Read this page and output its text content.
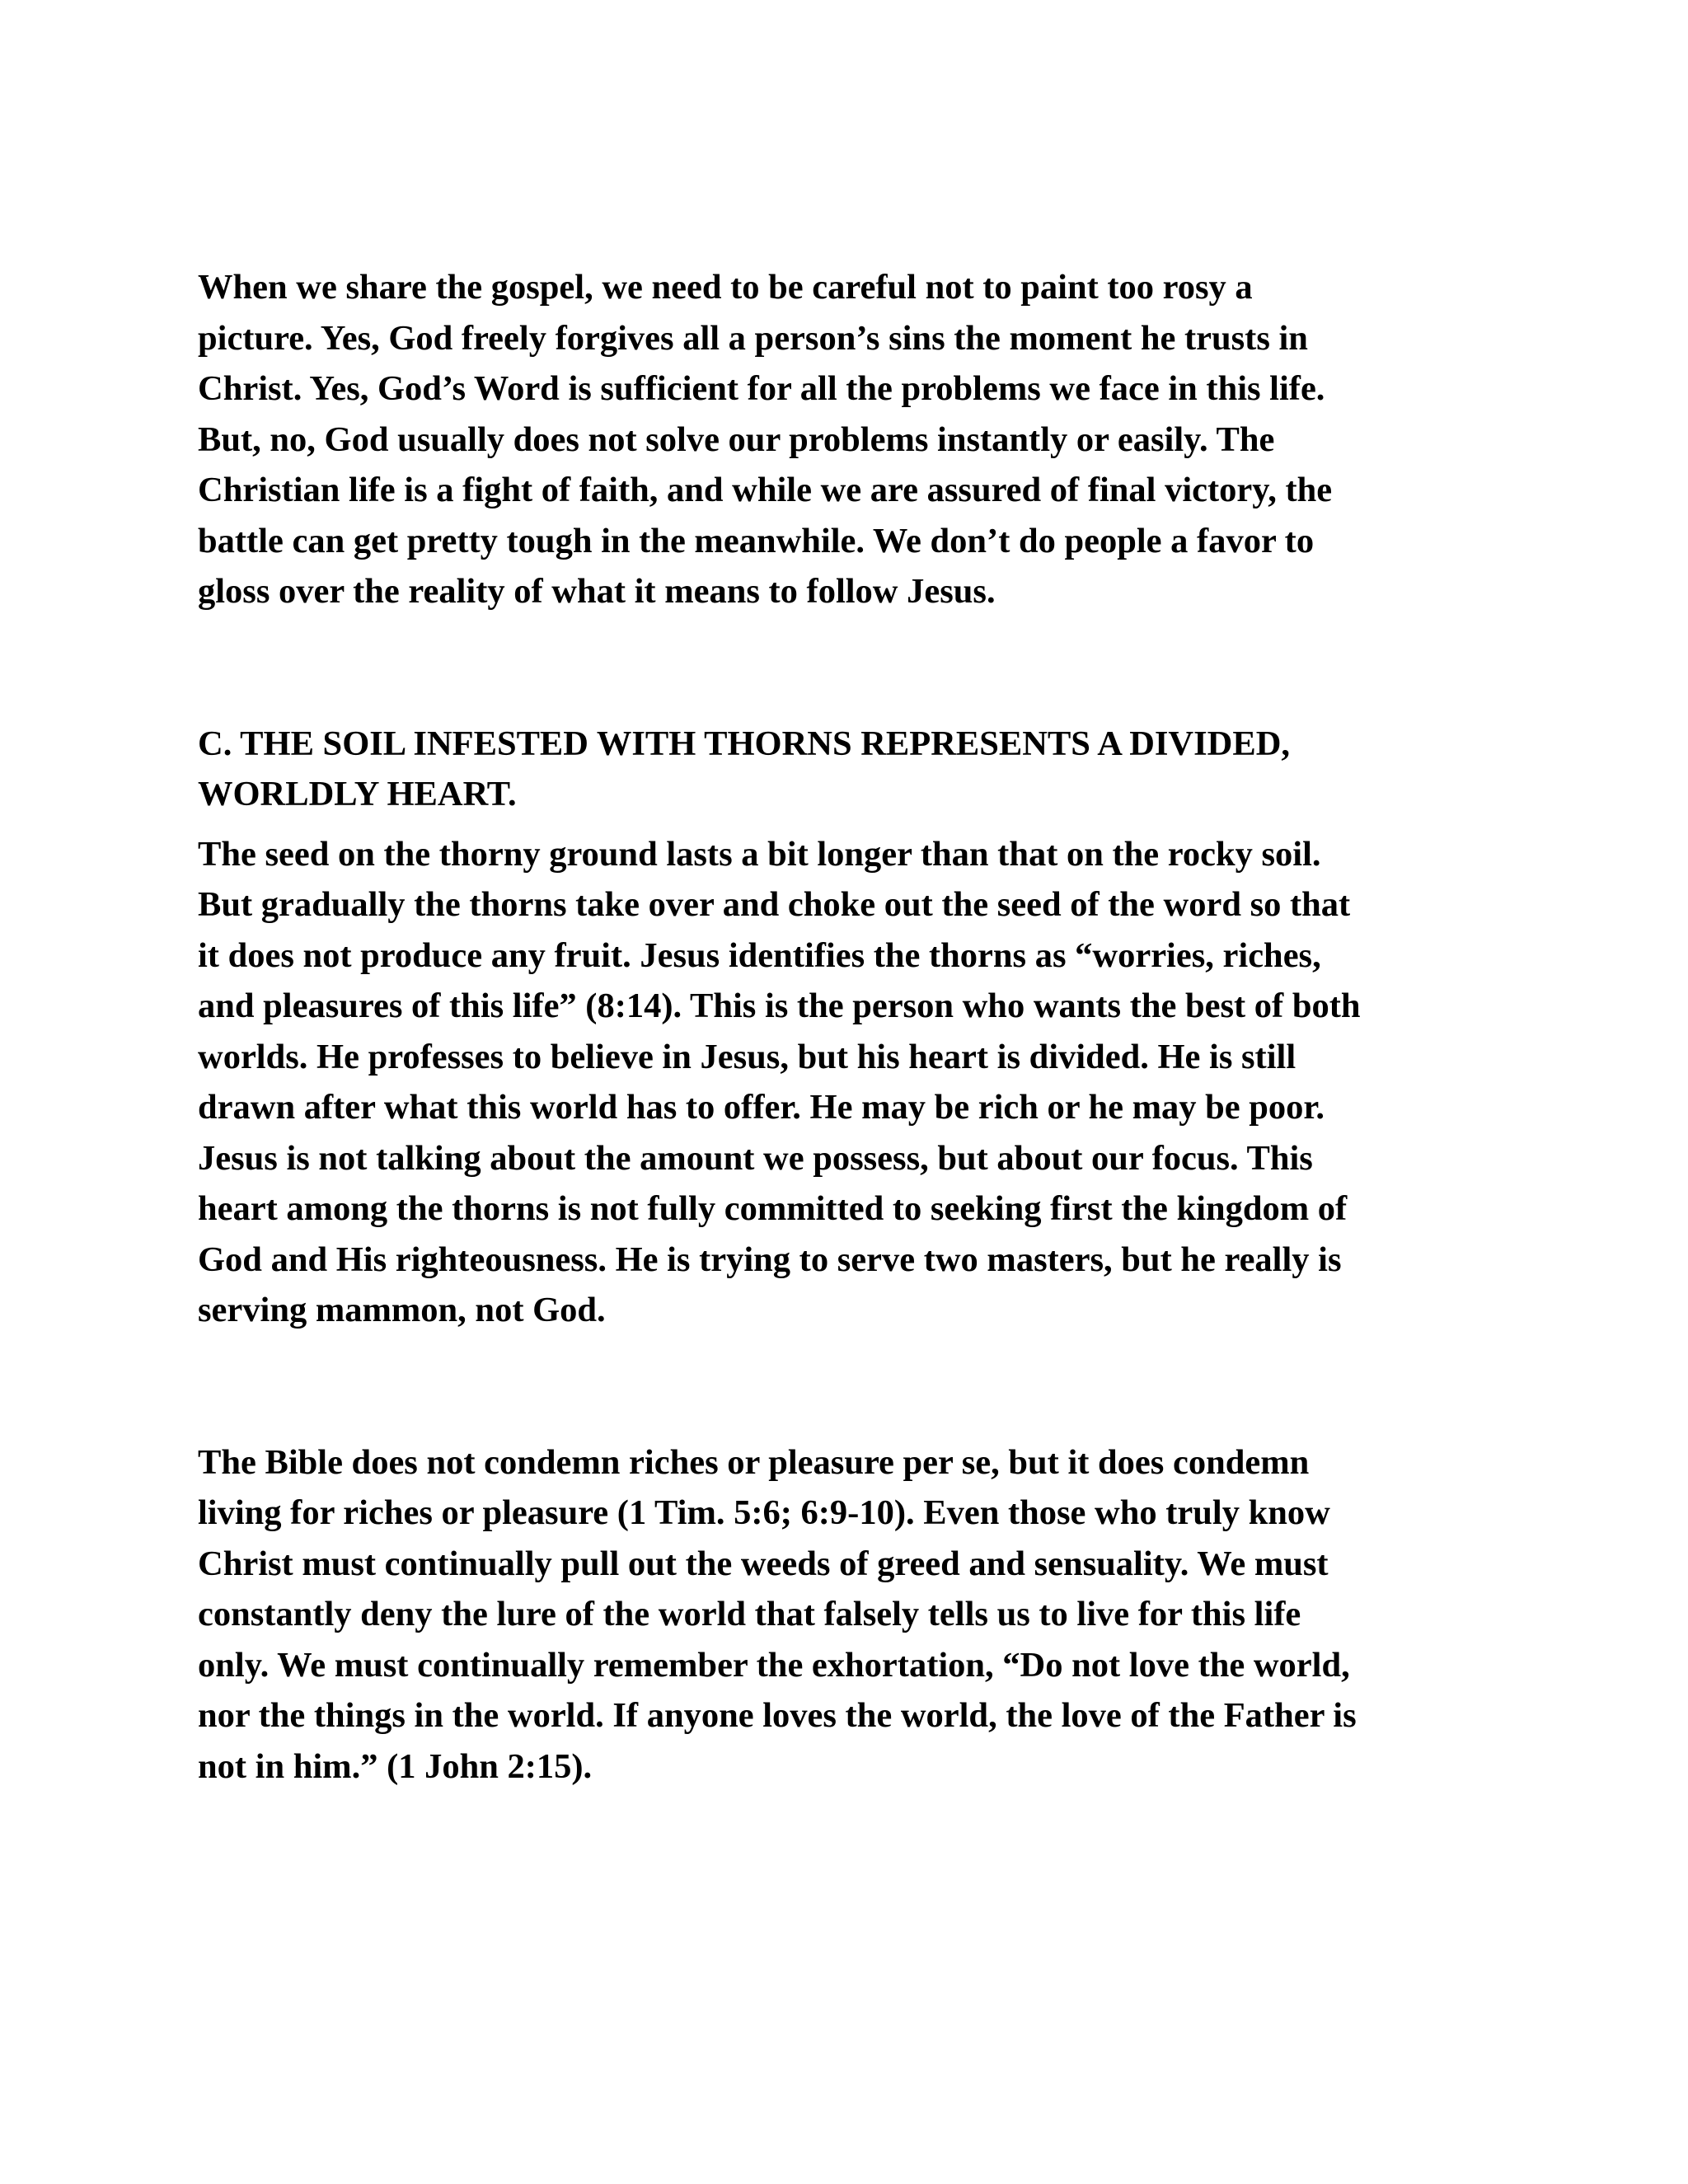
When we share the gospel, we need to be careful not to paint too rosy a
picture. Yes, God freely forgives all a person’s sins the moment he trusts in
Christ. Yes, God’s Word is sufficient for all the problems we face in this life.
But, no, God usually does not solve our problems instantly or easily. The
Christian life is a fight of faith, and while we are assured of final victory, the
battle can get pretty tough in the meanwhile. We don’t do people a favor to
gloss over the reality of what it means to follow Jesus.

C. THE SOIL INFESTED WITH THORNS REPRESENTS A DIVIDED,
WORLDLY HEART.

The seed on the thorny ground lasts a bit longer than that on the rocky soil.
But gradually the thorns take over and choke out the seed of the word so that
it does not produce any fruit. Jesus identifies the thorns as “worries, riches,
and pleasures of this life” (8:14). This is the person who wants the best of both
worlds. He professes to believe in Jesus, but his heart is divided. He is still
drawn after what this world has to offer. He may be rich or he may be poor.
Jesus is not talking about the amount we possess, but about our focus. This
heart among the thorns is not fully committed to seeking first the kingdom of
God and His righteousness. He is trying to serve two masters, but he really is
serving mammon, not God.

The Bible does not condemn riches or pleasure per se, but it does condemn
living for riches or pleasure (1 Tim. 5:6; 6:9-10). Even those who truly know
Christ must continually pull out the weeds of greed and sensuality. We must
constantly deny the lure of the world that falsely tells us to live for this life
only. We must continually remember the exhortation, “Do not love the world,
nor the things in the world. If anyone loves the world, the love of the Father is
not in him.” (1 John 2:15).
